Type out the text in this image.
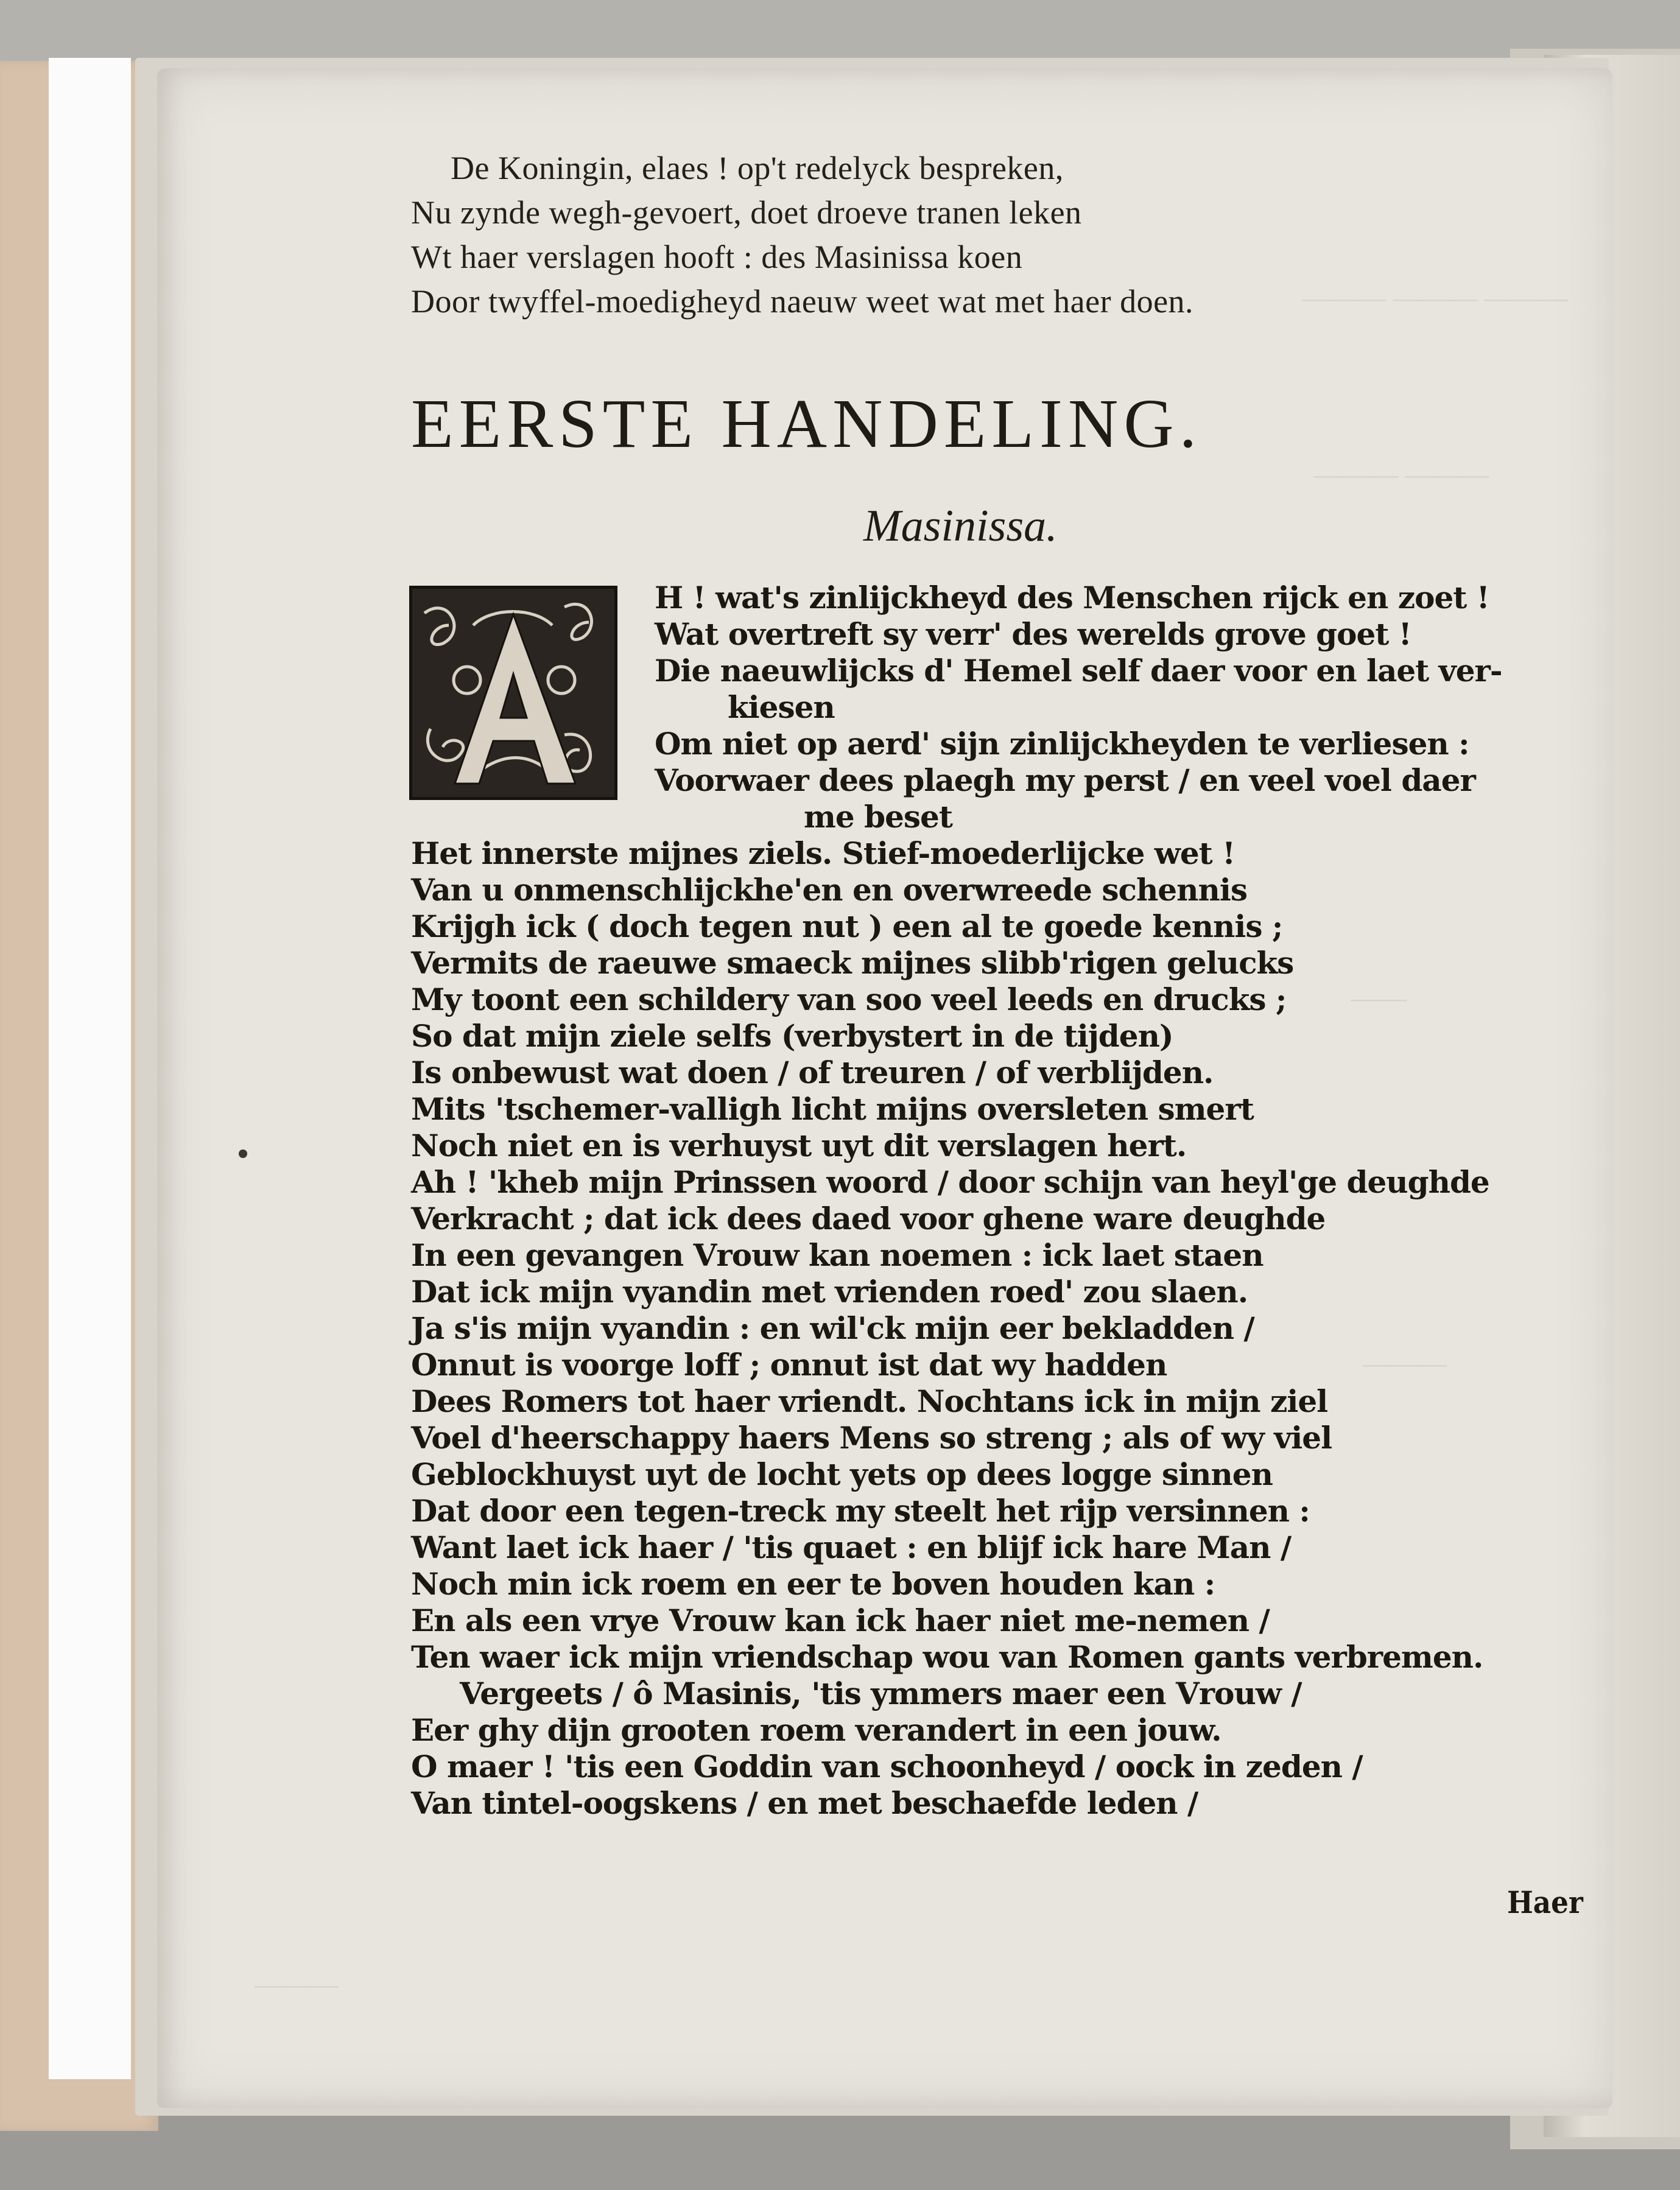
——— ——— ———
——— ———
——
———
———
De Koningin, elaes ! op't redelyck bespreken,
Nu zynde wegh-gevoert, doet droeve tranen leken
Wt haer verslagen hooft : des Masinissa koen
Door twyffel-moedigheyd naeuw weet wat met haer doen.
EERSTE HANDELING.
Masinissa.
H ! wat's zinlijckheyd des Menschen rijck en zoet !
Wat overtreft sy verr' des werelds grove goet !
Die naeuwlijcks d' Hemel self daer voor en laet ver-
kiesen
Om niet op aerd' sijn zinlijckheyden te verliesen :
Voorwaer dees plaegh my perst / en veel voel daer
me beset
Het innerste mijnes ziels. Stief-moederlijcke wet !
Van u onmenschlijckhe'en en overwreede schennis
Krijgh ick ( doch tegen nut ) een al te goede kennis ;
Vermits de raeuwe smaeck mijnes slibb'rigen gelucks
My toont een schildery van soo veel leeds en drucks ;
So dat mijn ziele selfs (verbystert in de tijden)
Is onbewust wat doen / of treuren / of verblijden.
Mits 'tschemer-valligh licht mijns oversleten smert
Noch niet en is verhuyst uyt dit verslagen hert.
Ah ! 'kheb mijn Prinssen woord / door schijn van heyl'ge deughde
Verkracht ; dat ick dees daed voor ghene ware deughde
In een gevangen Vrouw kan noemen : ick laet staen
Dat ick mijn vyandin met vrienden roed' zou slaen.
Ja s'is mijn vyandin : en wil'ck mijn eer bekladden /
Onnut is voorge loff ; onnut ist dat wy hadden
Dees Romers tot haer vriendt. Nochtans ick in mijn ziel
Voel d'heerschappy haers Mens so streng ; als of wy viel
Geblockhuyst uyt de locht yets op dees logge sinnen
Dat door een tegen-treck my steelt het rijp versinnen :
Want laet ick haer / 'tis quaet : en blijf ick hare Man /
Noch min ick roem en eer te boven houden kan :
En als een vrye Vrouw kan ick haer niet me-nemen /
Ten waer ick mijn vriendschap wou van Romen gants verbremen.
Vergeets / ô Masinis, 'tis ymmers maer een Vrouw /
Eer ghy dijn grooten roem verandert in een jouw.
O maer ! 'tis een Goddin van schoonheyd / oock in zeden /
Van tintel-oogskens / en met beschaefde leden /
Haer
